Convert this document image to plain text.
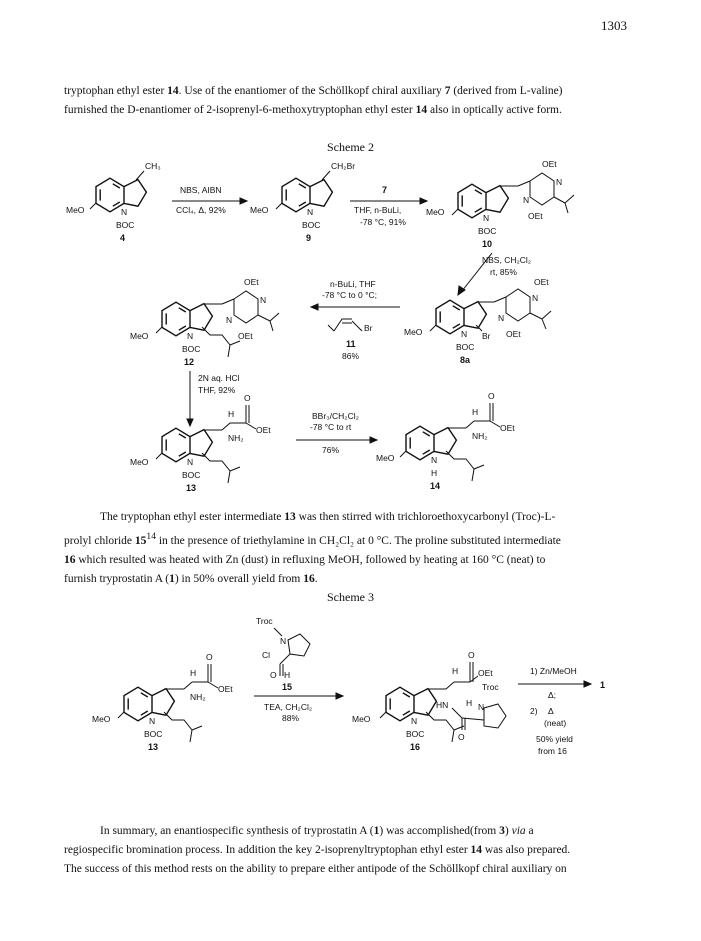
1303

tryptophan ethyl ester 14. Use of the enantiomer of the Schöllkopf chiral auxiliary 7 (derived from L-valine)
furnished the D-enantiomer of 2-isoprenyl-6-methoxytryptophan ethyl ester 14 also in optically active form.

Scheme 2
CH₃
MeO	N
BOC
4
NBS, AIBN
CCl₄, Δ, 92%
CH₂Br
MeO	N
BOC
9
7
THF, n-BuLi,
-78 °C, 91%
OEt
N
N
OEt
MeO
N
BOC
10
NBS, CH₂Cl₂
rt, 85%
OEt
N
N
OEt
Br
MeO	N
BOC
8a
n-BuLi, THF
-78 °C to 0 °C;
Br
11
86%
OEt
N
N
OEt
MeO	N
BOC
12
2N aq. HCl
THF, 92%
H
O
OEt
NH₂
MeO	N
BOC
13
BBr₃/CH₂Cl₂
-78 °C to rt
76%
H
O
OEt
NH₂
MeO	N
H
14

The tryptophan ethyl ester intermediate 13 was then stirred with trichloroethoxycarbonyl (Troc)-L-
prolyl chloride $15^{14}$ in the presence of triethylamine in CH₂Cl₂ at 0 °C. The proline substituted intermediate
16 which resulted was heated with Zn (dust) in refluxing MeOH, followed by heating at 160 °C (neat) to
furnish tryprostatin A (1) in 50% overall yield from 16.

Scheme 3
H
O
OEt
NH₂
MeO	N
BOC
13
Troc
N
Cl
O H
15
TEA, CH₂Cl₂
88%
H
O
OEt
Troc
HN H
O
N
MeO	N
BOC
16
1
1) Zn/MeOH
Δ;
2) Δ
(neat)
50% yield
from 16

In summary, an enantiospecific synthesis of tryprostatin A (1) was accomplished(from 3) via a
regiospecific bromination process. In addition the key 2-isoprenyltryptophan ethyl ester 14 was also prepared.
The success of this method rests on the ability to prepare either antipode of the Schöllkopf chiral auxiliary on
